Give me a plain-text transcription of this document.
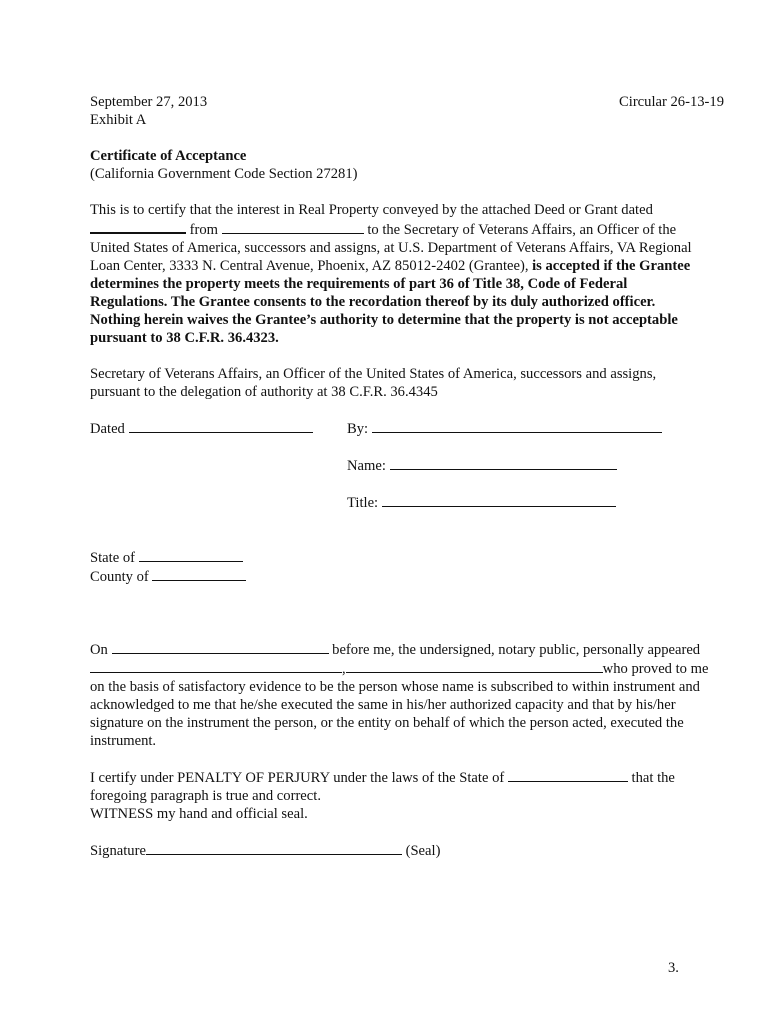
September 27, 2013	Circular 26-13-19
Exhibit A
Certificate of Acceptance
(California Government Code Section 27281)
This is to certify that the interest in Real Property conveyed by the attached Deed or Grant dated
from	to the Secretary of Veterans Affairs, an Officer of the
United States of America, successors and assigns, at U.S. Department of Veterans Affairs, VA Regional
Loan Center, 3333 N. Central Avenue, Phoenix, AZ 85012-2402 (Grantee), is accepted if the Grantee
determines the property meets the requirements of part 36 of Title 38, Code of Federal
Regulations. The Grantee consents to the recordation thereof by its duly authorized officer.
Nothing herein waives the Grantee’s authority to determine that the property is not acceptable
pursuant to 38 C.F.R. 36.4323.
Secretary of Veterans Affairs, an Officer of the United States of America, successors and assigns,
pursuant to the delegation of authority at 38 C.F.R. 36.4345
Dated	By:
Name:
Title:
State of
County of
On	before me, the undersigned, notary public, personally appeared
,	who proved to me
on the basis of satisfactory evidence to be the person whose name is subscribed to within instrument and
acknowledged to me that he/she executed the same in his/her authorized capacity and that by his/her
signature on the instrument the person, or the entity on behalf of which the person acted, executed the
instrument.
I certify under PENALTY OF PERJURY under the laws of the State of	that the
foregoing paragraph is true and correct.
WITNESS my hand and official seal.
Signature	(Seal)
3.
